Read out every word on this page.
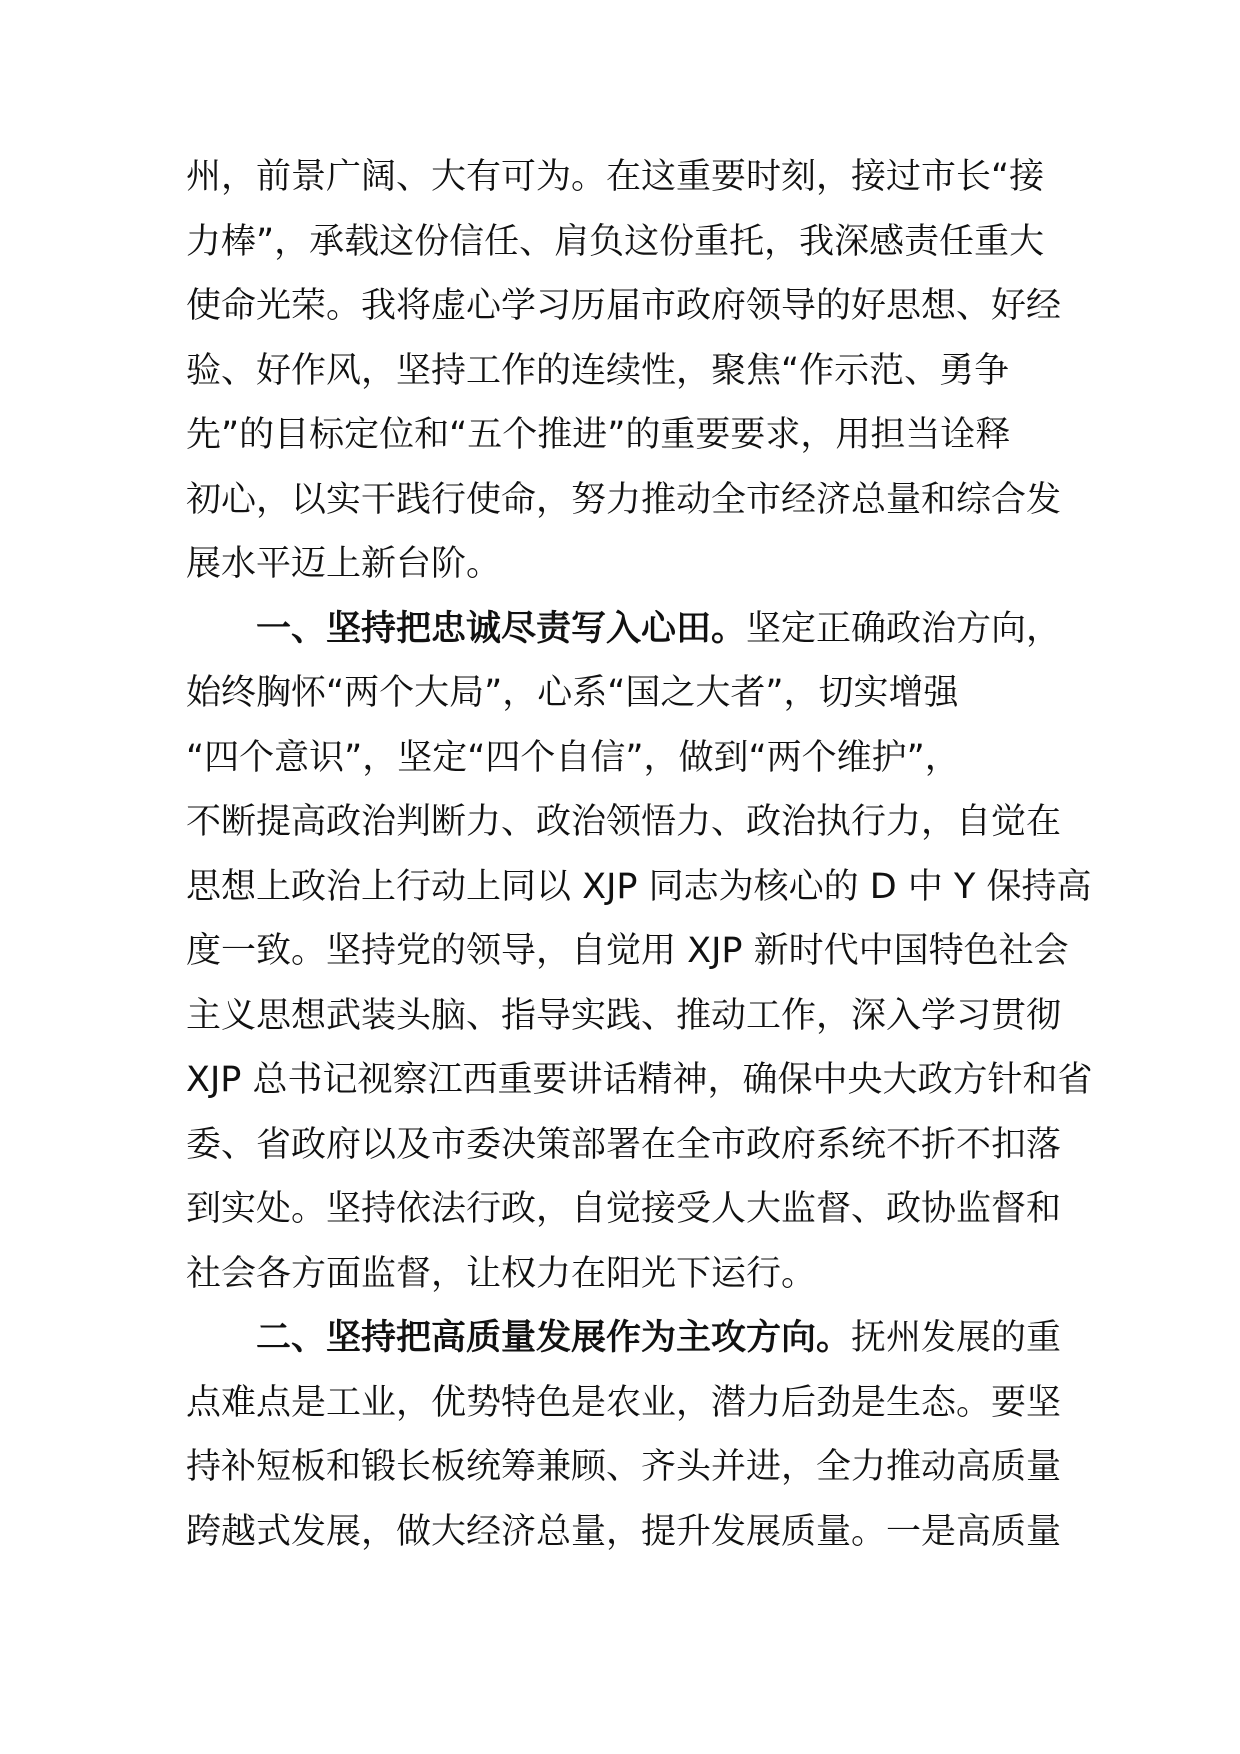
州，前景广阔、大有可为。在这重要时刻，接过市长“接
力棒”，承载这份信任、肩负这份重托，我深感责任重大
使命光荣。我将虚心学习历届市政府领导的好思想、好经
验、好作风，坚持工作的连续性，聚焦“作示范、勇争
先”的目标定位和“五个推进”的重要要求，用担当诠释
初心，以实干践行使命，努力推动全市经济总量和综合发
展水平迈上新台阶。
一、坚持把忠诚尽责写入心田。坚定正确政治方向，
始终胸怀“两个大局”，心系“国之大者”，切实增强
“四个意识”，坚定“四个自信”，做到“两个维护”，
不断提高政治判断力、政治领悟力、政治执行力，自觉在
思想上政治上行动上同以 XJP 同志为核心的 D 中 Y 保持高
度一致。坚持党的领导，自觉用 XJP 新时代中国特色社会
主义思想武装头脑、指导实践、推动工作，深入学习贯彻
XJP 总书记视察江西重要讲话精神，确保中央大政方针和省
委、省政府以及市委决策部署在全市政府系统不折不扣落
到实处。坚持依法行政，自觉接受人大监督、政协监督和
社会各方面监督，让权力在阳光下运行。
二、坚持把高质量发展作为主攻方向。抚州发展的重
点难点是工业，优势特色是农业，潜力后劲是生态。要坚
持补短板和锻长板统筹兼顾、齐头并进，全力推动高质量
跨越式发展，做大经济总量，提升发展质量。一是高质量
